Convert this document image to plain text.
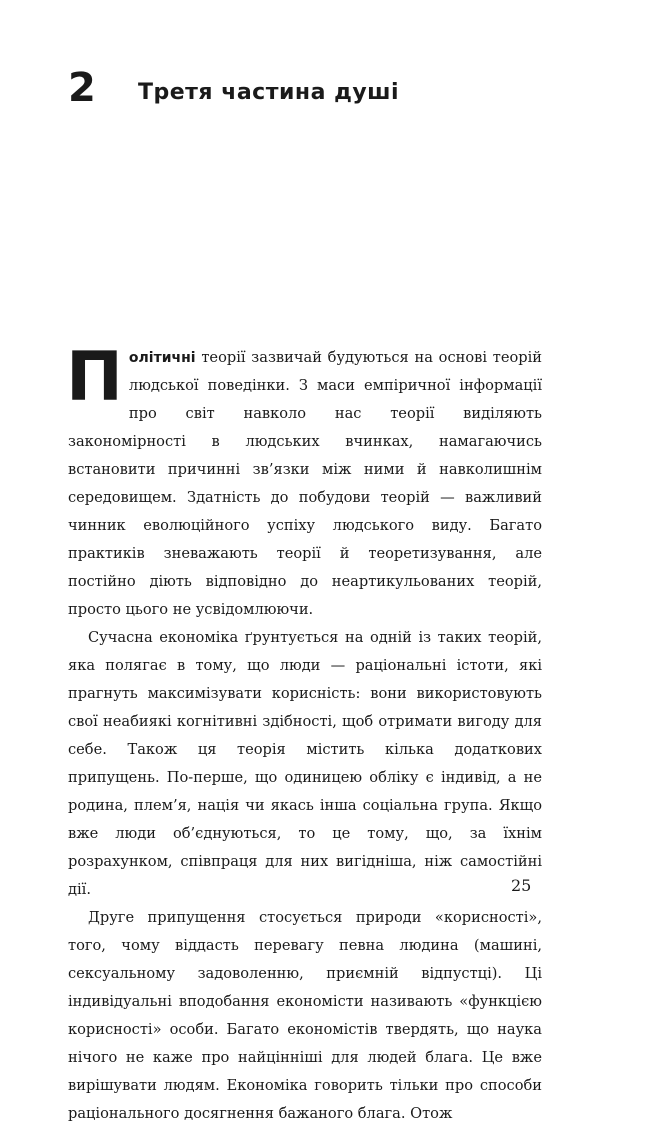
2 Третя частина душі

Політичні теорії зазвичай будуються на основі теорій людської поведінки. З маси емпіричної інформації про світ навколо нас теорії виділяють закономірності в людських вчинках, намагаючись встановити причинні зв’язки між ними й навколишнім середовищем. Здатність до побудови теорій — важливий чинник еволюційного успіху людського виду. Багато практиків зневажають теорії й теоретизування, але постійно діють відповідно до неартикульованих теорій, просто цього не усвідомлюючи.

Сучасна економіка ґрунтується на одній із таких теорій, яка полягає в тому, що люди — раціональні істоти, які прагнуть максимізувати корисність: вони використовують свої неабиякі когнітивні здібності, щоб отримати вигоду для себе. Також ця теорія містить кілька додаткових припущень. По-перше, що одиницею обліку є індивід, а не родина, плем’я, нація чи якась інша соціальна група. Якщо вже люди об’єднуються, то це тому, що, за їхнім розрахунком, співпраця для них вигідніша, ніж самостійні дії.

Друге припущення стосується природи «корисності», того, чому віддасть перевагу певна людина (машині, сексуальному задоволенню, приємній відпустці). Ці індивідуальні вподобання економісти називають «функцією корисності» особи. Багато економістів твердять, що наука нічого не каже про найцінніші для людей блага. Це вже вирішувати людям. Економіка говорить тільки про способи раціонального досягнення бажаного блага. Отож

25
